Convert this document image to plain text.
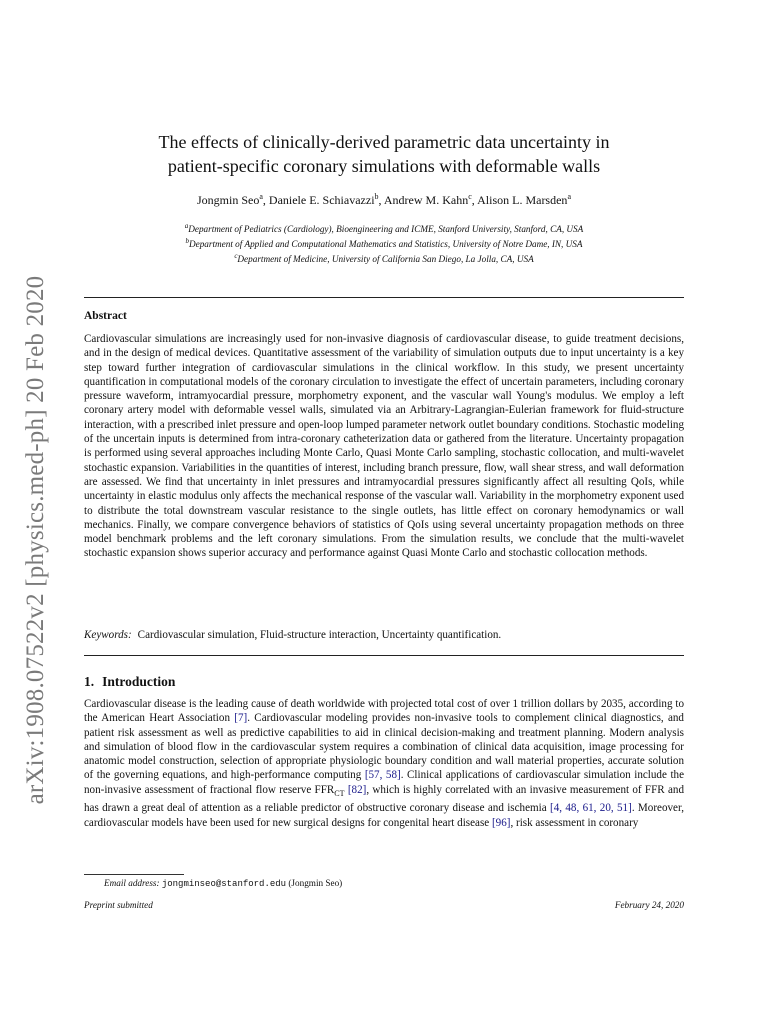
arXiv:1908.07522v2 [physics.med-ph] 20 Feb 2020
The effects of clinically-derived parametric data uncertainty in
patient-specific coronary simulations with deformable walls
Jongmin Seo$^a$, Daniele E. Schiavazzi$^b$, Andrew M. Kahn$^c$, Alison L. Marsden$^a$
$^a$Department of Pediatrics (Cardiology), Bioengineering and ICME, Stanford University, Stanford, CA, USA
$^b$Department of Applied and Computational Mathematics and Statistics, University of Notre Dame, IN, USA
$^c$Department of Medicine, University of California San Diego, La Jolla, CA, USA
Abstract
Cardiovascular simulations are increasingly used for non-invasive diagnosis of cardiovascular disease, to guide treatment decisions, and in the design of medical devices. Quantitative assessment of the variability of simulation outputs due to input uncertainty is a key step toward further integration of cardiovascular simulations in the clinical workflow. In this study, we present uncertainty quantification in computational models of the coronary circulation to investigate the effect of uncertain parameters, including coronary pressure waveform, intramyocardial pressure, morphometry exponent, and the vascular wall Young's modulus. We employ a left coronary artery model with deformable vessel walls, simulated via an Arbitrary-Lagrangian-Eulerian framework for fluid-structure interaction, with a prescribed inlet pressure and open-loop lumped parameter network outlet boundary conditions. Stochastic modeling of the uncertain inputs is determined from intra-coronary catheterization data or gathered from the literature. Uncertainty propagation is performed using several approaches including Monte Carlo, Quasi Monte Carlo sampling, stochastic collocation, and multi-wavelet stochastic expansion. Variabilities in the quantities of interest, including branch pressure, flow, wall shear stress, and wall deformation are assessed. We find that uncertainty in inlet pressures and intramyocardial pressures significantly affect all resulting QoIs, while uncertainty in elastic modulus only affects the mechanical response of the vascular wall. Variability in the morphometry exponent used to distribute the total downstream vascular resistance to the single outlets, has little effect on coronary hemodynamics or wall mechanics. Finally, we compare convergence behaviors of statistics of QoIs using several uncertainty propagation methods on three model benchmark problems and the left coronary simulations. From the simulation results, we conclude that the multi-wavelet stochastic expansion shows superior accuracy and performance against Quasi Monte Carlo and stochastic collocation methods.
Keywords: Cardiovascular simulation, Fluid-structure interaction, Uncertainty quantification.
1. Introduction
Cardiovascular disease is the leading cause of death worldwide with projected total cost of over 1 trillion dollars by 2035, according to the American Heart Association [7]. Cardiovascular modeling provides non-invasive tools to complement clinical diagnostics, and patient risk assessment as well as predictive capabilities to aid in clinical decision-making and treatment planning. Modern analysis and simulation of blood flow in the cardiovascular system requires a combination of clinical data acquisition, image processing for anatomic model construction, selection of appropriate physiologic boundary condition and wall material properties, accurate solution of the governing equations, and high-performance computing [57, 58]. Clinical applications of cardiovascular simulation include the non-invasive assessment of fractional flow reserve $FFR_{CT}$ [82], which is highly correlated with an invasive measurement of FFR and has drawn a great deal of attention as a reliable predictor of obstructive coronary disease and ischemia [4, 48, 61, 20, 51]. Moreover, cardiovascular models have been used for new surgical designs for congenital heart disease [96], risk assessment in coronary
Email address: jongminseo@stanford.edu (Jongmin Seo)
Preprint submitted	February 24, 2020
